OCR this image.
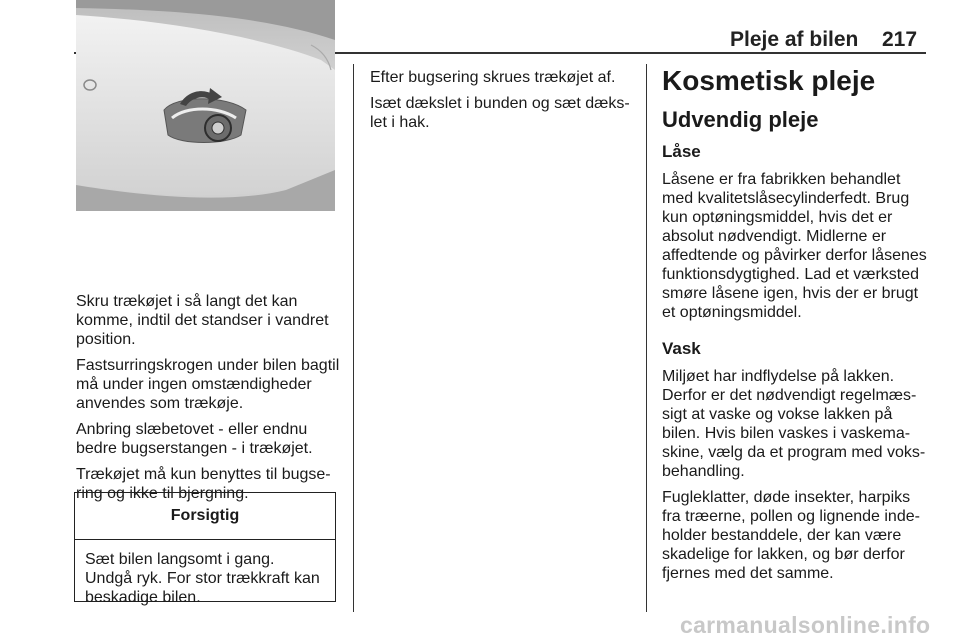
Pleje af bilen 217

Skru trækøjet i så langt det kan komme, indtil det standser i vandret position.

Fastsurringskrogen under bilen bagtil må under ingen omstændigheder anvendes som trækøje.

Anbring slæbetovet - eller endnu bedre bugserstangen - i trækøjet.

Trækøjet må kun benyttes til bugsering og ikke til bjergning.

Forsigtig
Sæt bilen langsomt i gang. Undgå ryk. For stor trækkraft kan beskadige bilen.

Efter bugsering skrues trækøjet af.

Isæt dækslet i bunden og sæt dækslet i hak.

Kosmetisk pleje
Udvendig pleje
Låse

Låsene er fra fabrikken behandlet med kvalitetslåsecylinderfedt. Brug kun optøningsmiddel, hvis det er absolut nødvendigt. Midlerne er affedtende og påvirker derfor låsenes funktionsdygtighed. Lad et værksted smøre låsene igen, hvis der er brugt et optøningsmiddel.

Vask

Miljøet har indflydelse på lakken. Derfor er det nødvendigt regelmæssigt at vaske og vokse lakken på bilen. Hvis bilen vaskes i vaskemaskine, vælg da et program med voksbehandling.

Fugleklatter, døde insekter, harpiks fra træerne, pollen og lignende indeholder bestanddele, der kan være skadelige for lakken, og bør derfor fjernes med det samme.

carmanualsonline.info
